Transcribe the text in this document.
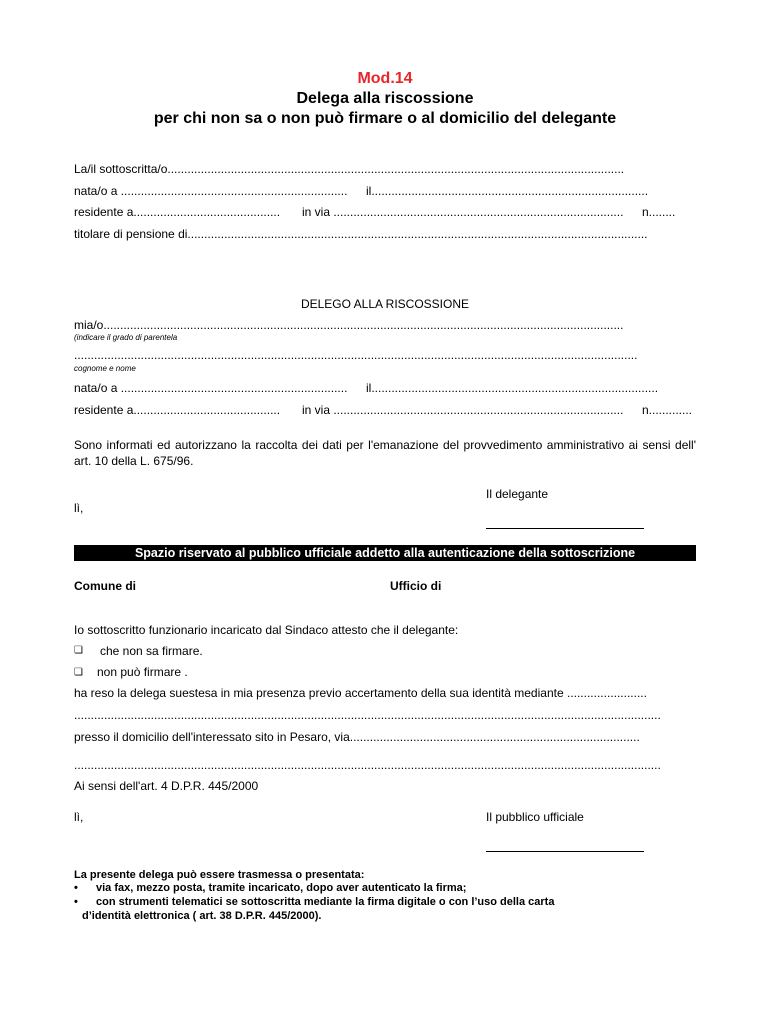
Mod.14
Delega alla riscossione
per chi non sa o non può firmare o al domicilio del delegante
La/il sottoscritta/o.........................................................................................................................................
nata/o a .................................................................... il...................................................................................
residente a............................................ in via ....................................................................................... n........
titolare di pensione di..........................................................................................................................................
DELEGO ALLA RISCOSSIONE
mia/o............................................................................................................................................................
(indicare il grado di parentela
.........................................................................................................................................................................
cognome e nome
nata/o a .................................................................... il......................................................................................
residente a............................................ in via ....................................................................................... n.............
Sono informati ed autorizzano la raccolta dei dati per l'emanazione del provvedimento amministrativo ai sensi dell' art. 10 della L. 675/96.
Il delegante
lì,
Spazio riservato al pubblico ufficiale addetto alla autenticazione della sottoscrizione
Comune di	Ufficio di
Io sottoscritto funzionario incaricato dal Sindaco attesto che il delegante:
❏ che non sa firmare.
❏ non può firmare .
ha reso la delega suestesa in mia presenza previo accertamento della sua identità mediante ........................
................................................................................................................................................................................
presso il domicilio dell'interessato sito in Pesaro, via.......................................................................................
................................................................................................................................................................................
Ai sensi dell'art. 4 D.P.R. 445/2000
lì,	Il pubblico ufficiale
La presente delega può essere trasmessa o presentata:
• via fax, mezzo posta, tramite incaricato, dopo aver autenticato la firma;
• con strumenti telematici se sottoscritta mediante la firma digitale o con l’uso della carta
d’identità elettronica ( art. 38 D.P.R. 445/2000).
